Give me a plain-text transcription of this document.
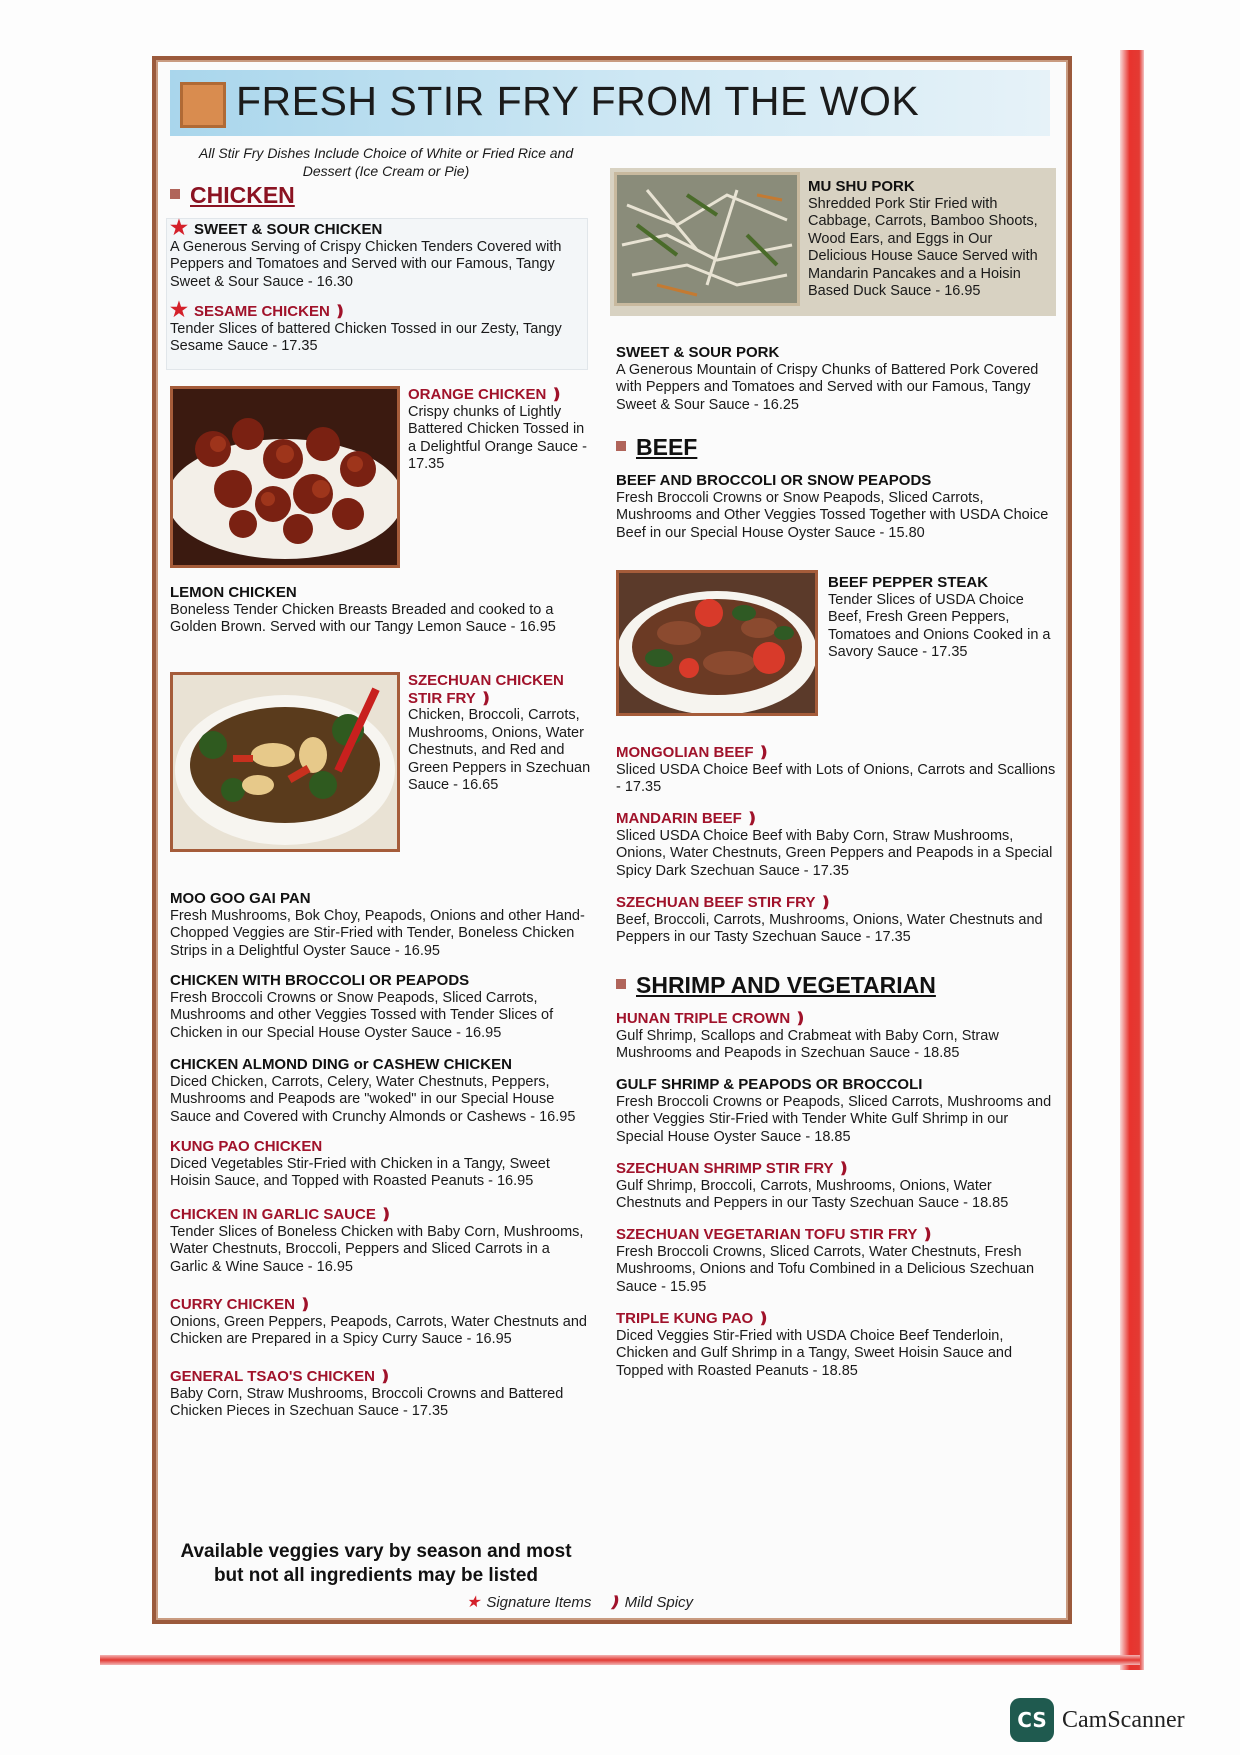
FRESH STIR FRY FROM THE WOK
All Stir Fry Dishes Include Choice of White or Fried Rice and Dessert (Ice Cream or Pie)
CHICKEN
★ SWEET & SOUR CHICKEN
A Generous Serving of Crispy Chicken Tenders Covered with Peppers and Tomatoes and Served with our Famous, Tangy Sweet & Sour Sauce - 16.30
★ SESAME CHICKEN ❫
Tender Slices of battered Chicken Tossed in our Zesty, Tangy Sesame Sauce - 17.35
ORANGE CHICKEN ❫
Crispy chunks of Lightly Battered Chicken Tossed in a Delightful Orange Sauce - 17.35
LEMON CHICKEN
Boneless Tender Chicken Breasts Breaded and cooked to a Golden Brown. Served with our Tangy Lemon Sauce - 16.95
SZECHUAN CHICKEN STIR FRY ❫
Chicken, Broccoli, Carrots, Mushrooms, Onions, Water Chestnuts, and Red and Green Peppers in Szechuan Sauce - 16.65
MOO GOO GAI PAN
Fresh Mushrooms, Bok Choy, Peapods, Onions and other Hand-Chopped Veggies are Stir-Fried with Tender, Boneless Chicken Strips in a Delightful Oyster Sauce - 16.95
CHICKEN WITH BROCCOLI OR PEAPODS
Fresh Broccoli Crowns or Snow Peapods, Sliced Carrots, Mushrooms and other Veggies Tossed with Tender Slices of Chicken in our Special House Oyster Sauce - 16.95
CHICKEN ALMOND DING or CASHEW CHICKEN
Diced Chicken, Carrots, Celery, Water Chestnuts, Peppers, Mushrooms and Peapods are "woked" in our Special House Sauce and Covered with Crunchy Almonds or Cashews - 16.95
KUNG PAO CHICKEN
Diced Vegetables Stir-Fried with Chicken in a Tangy, Sweet Hoisin Sauce, and Topped with Roasted Peanuts - 16.95
CHICKEN IN GARLIC SAUCE ❫
Tender Slices of Boneless Chicken with Baby Corn, Mushrooms, Water Chestnuts, Broccoli, Peppers and Sliced Carrots in a Garlic & Wine Sauce - 16.95
CURRY CHICKEN ❫
Onions, Green Peppers, Peapods, Carrots, Water Chestnuts and Chicken are Prepared in a Spicy Curry Sauce - 16.95
GENERAL TSAO'S CHICKEN ❫
Baby Corn, Straw Mushrooms, Broccoli Crowns and Battered Chicken Pieces in Szechuan Sauce - 17.35
MU SHU PORK
Shredded Pork Stir Fried with Cabbage, Carrots, Bamboo Shoots, Wood Ears, and Eggs in Our Delicious House Sauce Served with Mandarin Pancakes and a Hoisin Based Duck Sauce - 16.95
SWEET & SOUR PORK
A Generous Mountain of Crispy Chunks of Battered Pork Covered with Peppers and Tomatoes and Served with our Famous, Tangy Sweet & Sour Sauce - 16.25
BEEF
BEEF AND BROCCOLI OR SNOW PEAPODS
Fresh Broccoli Crowns or Snow Peapods, Sliced Carrots, Mushrooms and Other Veggies Tossed Together with USDA Choice Beef in our Special House Oyster Sauce - 15.80
BEEF PEPPER STEAK
Tender Slices of USDA Choice Beef, Fresh Green Peppers, Tomatoes and Onions Cooked in a Savory Sauce - 17.35
MONGOLIAN BEEF ❫
Sliced USDA Choice Beef with Lots of Onions, Carrots and Scallions - 17.35
MANDARIN BEEF ❫
Sliced USDA Choice Beef with Baby Corn, Straw Mushrooms, Onions, Water Chestnuts, Green Peppers and Peapods in a Special Spicy Dark Szechuan Sauce - 17.35
SZECHUAN BEEF STIR FRY ❫
Beef, Broccoli, Carrots, Mushrooms, Onions, Water Chestnuts and Peppers in our Tasty Szechuan Sauce - 17.35
SHRIMP AND VEGETARIAN
HUNAN TRIPLE CROWN ❫
Gulf Shrimp, Scallops and Crabmeat with Baby Corn, Straw Mushrooms and Peapods in Szechuan Sauce - 18.85
GULF SHRIMP & PEAPODS OR BROCCOLI
Fresh Broccoli Crowns or Peapods, Sliced Carrots, Mushrooms and other Veggies Stir-Fried with Tender White Gulf Shrimp in our Special House Oyster Sauce - 18.85
SZECHUAN SHRIMP STIR FRY ❫
Gulf Shrimp, Broccoli, Carrots, Mushrooms, Onions, Water Chestnuts and Peppers in our Tasty Szechuan Sauce - 18.85
SZECHUAN VEGETARIAN TOFU STIR FRY ❫
Fresh Broccoli Crowns, Sliced Carrots, Water Chestnuts, Fresh Mushrooms, Onions and Tofu Combined in a Delicious Szechuan Sauce - 15.95
TRIPLE KUNG PAO ❫
Diced Veggies Stir-Fried with USDA Choice Beef Tenderloin, Chicken and Gulf Shrimp in a Tangy, Sweet Hoisin Sauce and Topped with Roasted Peanuts - 18.85
Available veggies vary by season and most but not all ingredients may be listed
★ Signature Items ❫ Mild Spicy
CS CamScanner
